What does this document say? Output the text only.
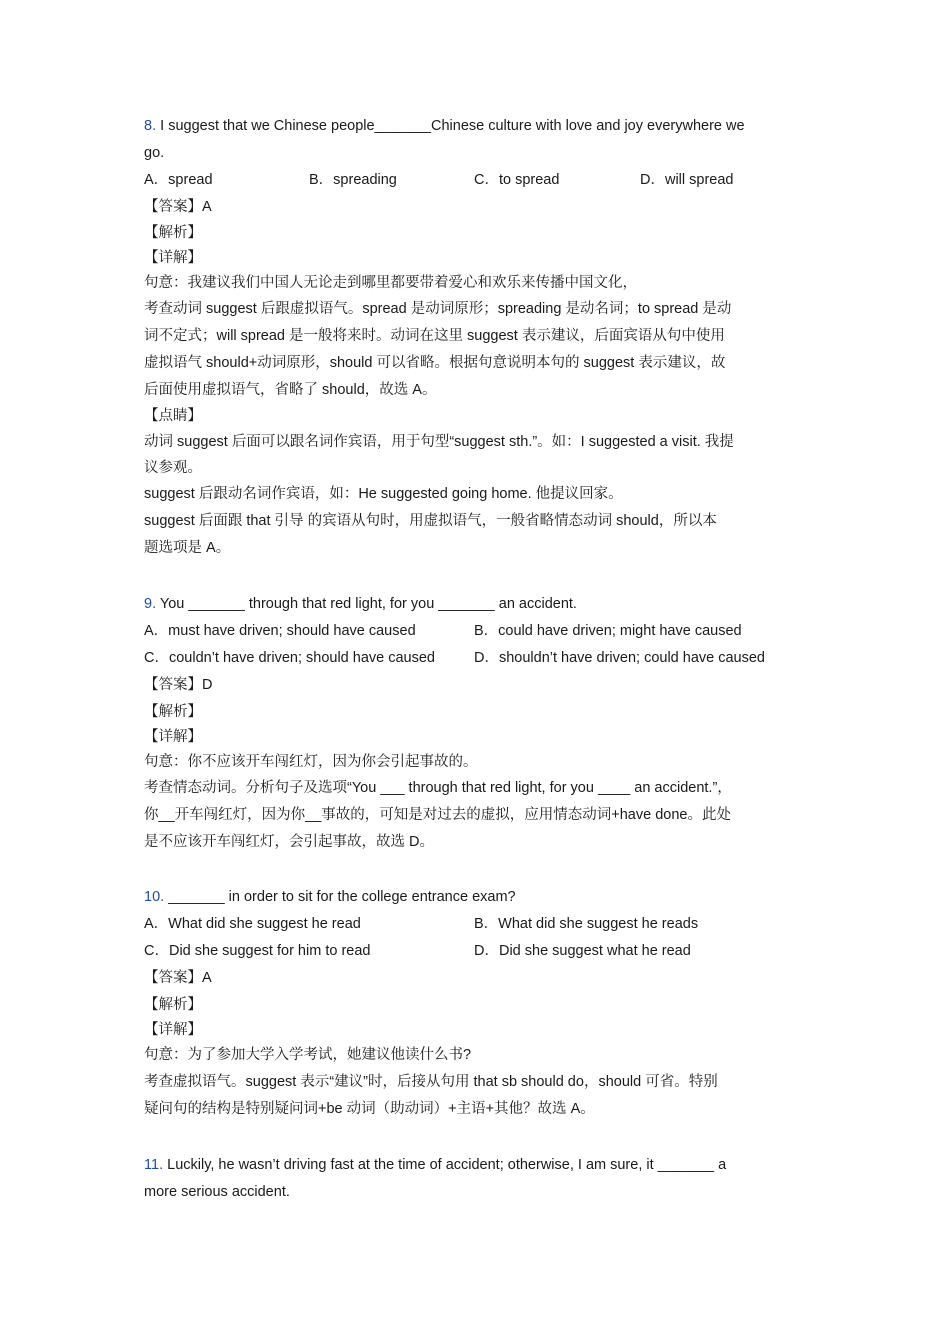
8. I suggest that we Chinese people_______Chinese culture with love and joy everywhere we
go.
A．spread	B．spreading	C．to spread	D．will spread
【答案】A
【解析】
【详解】
句意：我建议我们中国人无论走到哪里都要带着爱心和欢乐来传播中国文化，
考查动词 suggest 后跟虚拟语气。spread 是动词原形；spreading 是动名词；to spread 是动
词不定式；will spread 是一般将来时。动词在这里 suggest 表示建议，后面宾语从句中使用
虚拟语气 should+动词原形，should 可以省略。根据句意说明本句的 suggest 表示建议，故
后面使用虚拟语气，省略了 should，故选 A。
【点睛】
动词 suggest 后面可以跟名词作宾语，用于句型“suggest sth.”。如：I suggested a visit. 我提
议参观。
suggest 后跟动名词作宾语，如：He suggested going home. 他提议回家。
suggest 后面跟 that 引导 的宾语从句时，用虚拟语气，一般省略情态动词 should，所以本
题选项是 A。
9. You _______ through that red light, for you _______ an accident.
A．must have driven; should have caused	B．could have driven; might have caused
C．couldn’t have driven; should have caused	D．shouldn’t have driven; could have caused
【答案】D
【解析】
【详解】
句意：你不应该开车闯红灯，因为你会引起事故的。
考查情态动词。分析句子及选项“You ___ through that red light, for you ____ an accident.”，
你__开车闯红灯，因为你__事故的，可知是对过去的虚拟，应用情态动词+have done。此处
是不应该开车闯红灯，会引起事故，故选 D。
10. _______ in order to sit for the college entrance exam?
A．What did she suggest he read	B．What did she suggest he reads
C．Did she suggest for him to read	D．Did she suggest what he read
【答案】A
【解析】
【详解】
句意：为了参加大学入学考试，她建议他读什么书?
考查虚拟语气。suggest 表示“建议”时，后接从句用 that sb should do，should 可省。特别
疑问句的结构是特别疑问词+be 动词（助动词）+主语+其他？故选 A。
11. Luckily, he wasn’t driving fast at the time of accident; otherwise, I am sure, it _______ a
more serious accident.
